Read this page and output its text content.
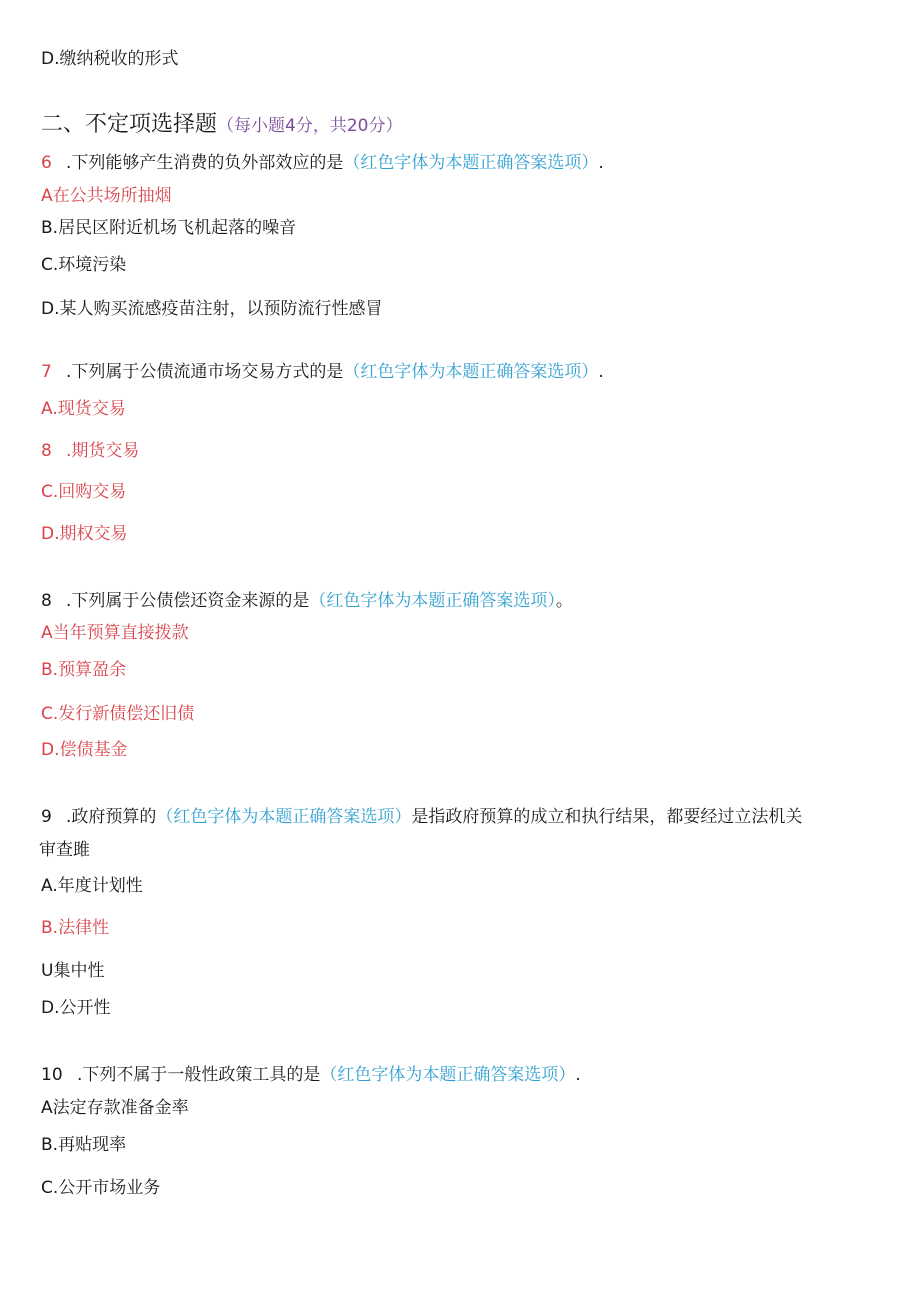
D.缴纳税收的形式
二、不定项选择题（每小题4分，共20分）
6 .下列能够产生消费的负外部效应的是（红色字体为本题正确答案选项）.
A在公共场所抽烟
B.居民区附近机场飞机起落的噪音
C.环境污染
D.某人购买流感疫苗注射，以预防流行性感冒
7 .下列属于公债流通市场交易方式的是（红色字体为本题正确答案选项）.
A.现货交易
8 .期货交易
C.回购交易
D.期权交易
8 .下列属于公债偿还资金来源的是（红色字体为本题正确答案选项）。
A当年预算直接拨款
B.预算盈余
C.发行新债偿还旧债
D.偿债基金
9 .政府预算的（红色字体为本题正确答案选项）是指政府预算的成立和执行结果，都要经过立法机关
审查雎
A.年度计划性
B.法律性
U集中性
D.公开性
10 .下列不属于一般性政策工具的是（红色字体为本题正确答案选项）.
A法定存款准备金率
B.再贴现率
C.公开市场业务
